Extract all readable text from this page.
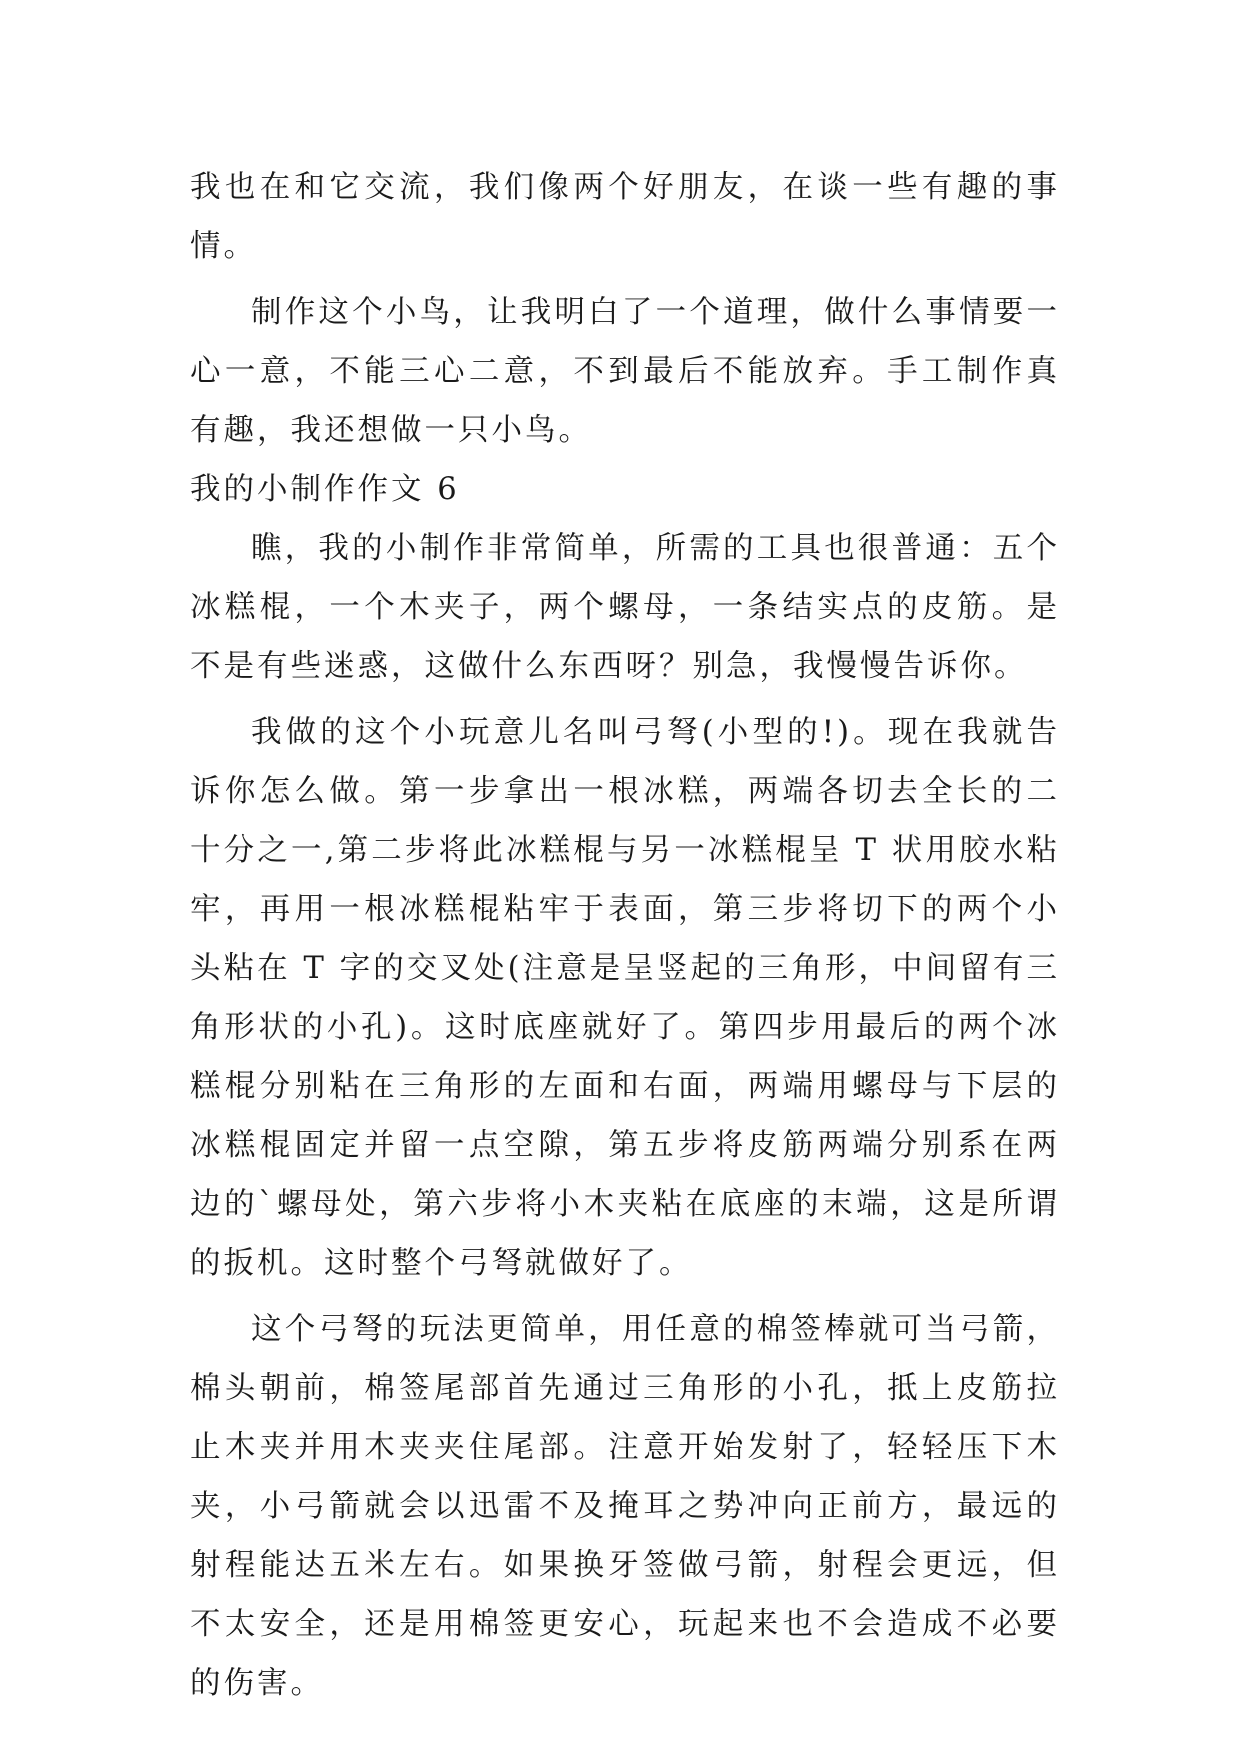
我也在和它交流，我们像两个好朋友，在谈一些有趣的事情。

制作这个小鸟，让我明白了一个道理，做什么事情要一心一意，不能三心二意，不到最后不能放弃。手工制作真有趣，我还想做一只小鸟。

我的小制作作文 6

瞧，我的小制作非常简单，所需的工具也很普通：五个冰糕棍，一个木夹子，两个螺母，一条结实点的皮筋。是不是有些迷惑，这做什么东西呀？别急，我慢慢告诉你。

我做的这个小玩意儿名叫弓弩(小型的!)。现在我就告诉你怎么做。第一步拿出一根冰糕，两端各切去全长的二十分之一,第二步将此冰糕棍与另一冰糕棍呈 T 状用胶水粘牢，再用一根冰糕棍粘牢于表面，第三步将切下的两个小头粘在 T 字的交叉处(注意是呈竖起的三角形，中间留有三角形状的小孔)。这时底座就好了。第四步用最后的两个冰糕棍分别粘在三角形的左面和右面，两端用螺母与下层的冰糕棍固定并留一点空隙，第五步将皮筋两端分别系在两边的`螺母处，第六步将小木夹粘在底座的末端，这是所谓的扳机。这时整个弓弩就做好了。

这个弓弩的玩法更简单，用任意的棉签棒就可当弓箭，棉头朝前，棉签尾部首先通过三角形的小孔，抵上皮筋拉止木夹并用木夹夹住尾部。注意开始发射了，轻轻压下木夹，小弓箭就会以迅雷不及掩耳之势冲向正前方，最远的射程能达五米左右。如果换牙签做弓箭，射程会更远，但不太安全，还是用棉签更安心，玩起来也不会造成不必要的伤害。
